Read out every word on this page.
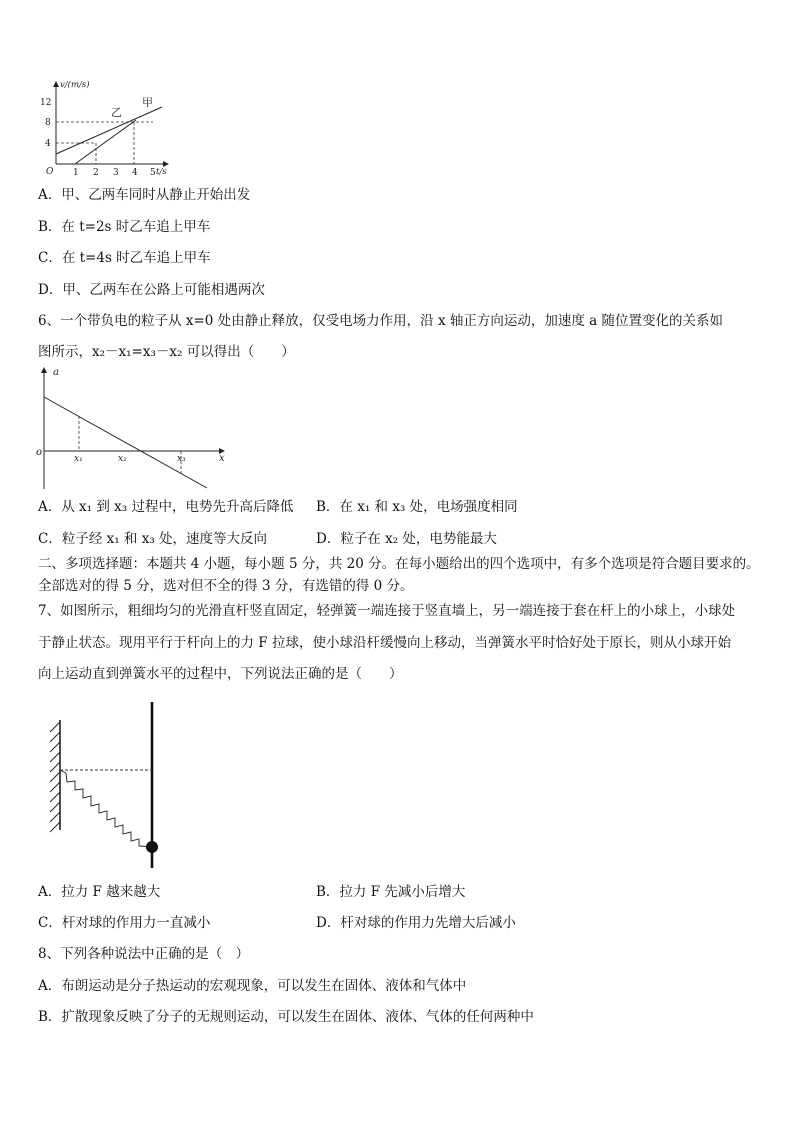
v/(m/s)
t/s
O
12
8
4
1 2 3 4 5
乙
甲
A．甲、乙两车同时从静止开始出发
B．在 t=2s 时乙车追上甲车
C．在 t=4s 时乙车追上甲车
D．甲、乙两车在公路上可能相遇两次
6、一个带负电的粒子从 x=0 处由静止释放，仅受电场力作用，沿 x 轴正方向运动，加速度 a 随位置变化的关系如
图所示，x₂－x₁=x₃－x₂ 可以得出（　　）
a
x
o
x₁	x₂	x₃
A．从 x₁ 到 x₃ 过程中，电势先升高后降低 B．在 x₁ 和 x₃ 处，电场强度相同
C．粒子经 x₁ 和 x₃ 处，速度等大反向	D．粒子在 x₂ 处，电势能最大
二、多项选择题：本题共 4 小题，每小题 5 分，共 20 分。在每小题给出的四个选项中，有多个选项是符合题目要求的。
全部选对的得 5 分，选对但不全的得 3 分，有选错的得 0 分。
7、如图所示，粗细均匀的光滑直杆竖直固定，轻弹簧一端连接于竖直墙上，另一端连接于套在杆上的小球上，小球处
于静止状态。现用平行于杆向上的力 F 拉球，使小球沿杆缓慢向上移动，当弹簧水平时恰好处于原长，则从小球开始
向上运动直到弹簧水平的过程中，下列说法正确的是（　　）
A．拉力 F 越来越大	B．拉力 F 先减小后增大
C．杆对球的作用力一直减小	D．杆对球的作用力先增大后减小
8、下列各种说法中正确的是（　）
A．布朗运动是分子热运动的宏观现象，可以发生在固体、液体和气体中
B．扩散现象反映了分子的无规则运动，可以发生在固体、液体、气体的任何两种中
